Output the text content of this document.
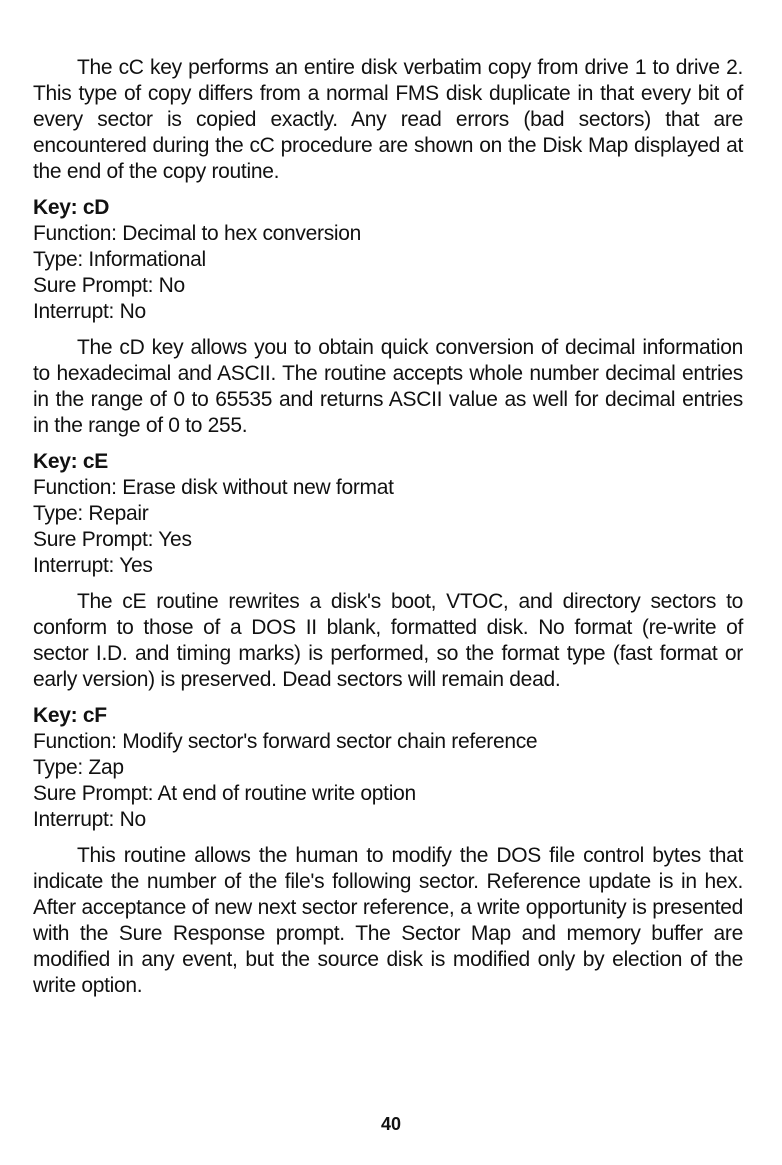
The cC key performs an entire disk verbatim copy from drive 1 to drive 2. This type of copy differs from a normal FMS disk duplicate in that every bit of every sector is copied exactly. Any read errors (bad sectors) that are encountered during the cC procedure are shown on the Disk Map displayed at the end of the copy routine.

Key: cD

Function: Decimal to hex conversion

Type: Informational

Sure Prompt: No

Interrupt: No

The cD key allows you to obtain quick conversion of decimal information to hexadecimal and ASCII. The routine accepts whole number decimal entries in the range of 0 to 65535 and returns ASCII value as well for decimal entries in the range of 0 to 255.

Key: cE

Function: Erase disk without new format

Type: Repair

Sure Prompt: Yes

Interrupt: Yes

The cE routine rewrites a disk's boot, VTOC, and directory sectors to conform to those of a DOS II blank, formatted disk. No format (re-write of sector I.D. and timing marks) is performed, so the format type (fast format or early version) is preserved. Dead sectors will remain dead.

Key: cF

Function: Modify sector's forward sector chain reference

Type: Zap

Sure Prompt: At end of routine write option

Interrupt: No

This routine allows the human to modify the DOS file control bytes that indicate the number of the file's following sector. Reference update is in hex. After acceptance of new next sector reference, a write opportunity is presented with the Sure Response prompt. The Sector Map and memory buffer are modified in any event, but the source disk is modified only by election of the write option.

40
